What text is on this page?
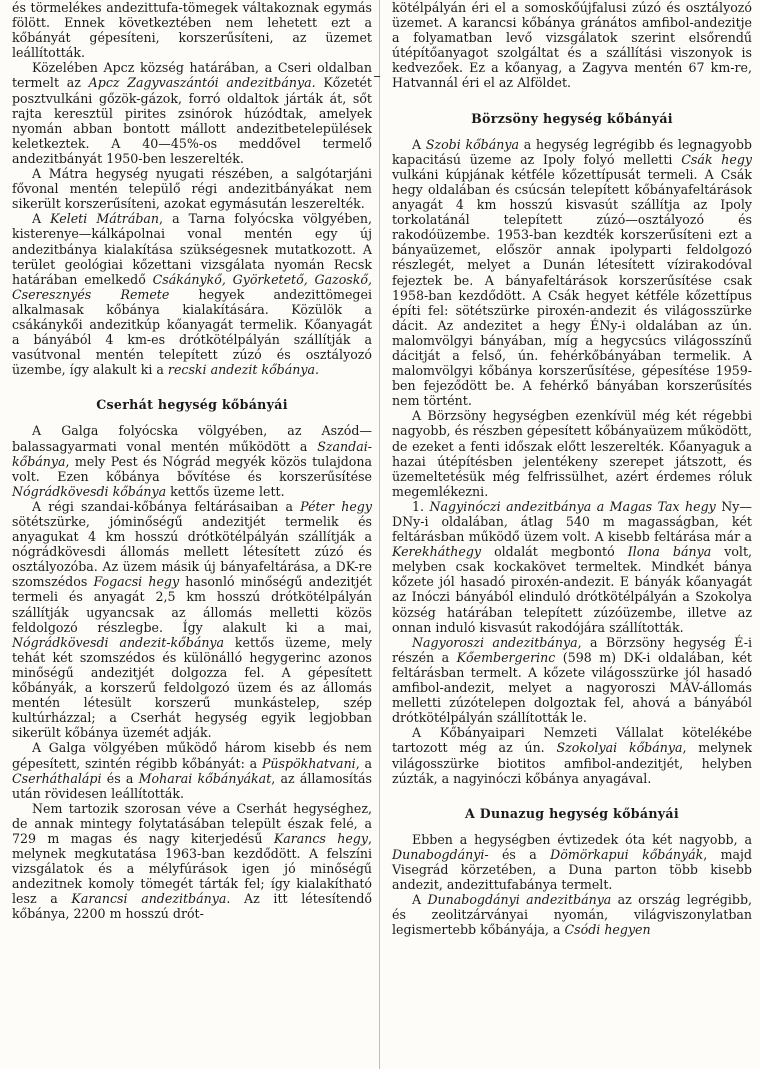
és törmelékes andezittufa-tömegek váltakoznak egymás fölött. Ennek következtében nem lehetett ezt a kőbányát gépesíteni, korszerűsíteni, az üzemet leállították.

Közelében Apcz község határában, a Cseri oldalban termelt az Apcz Zagyvaszántói andezitbánya. Kőzetét posztvulkáni gőzök-gázok, forró oldaltok járták át, sőt rajta keresztül pirites zsinórok húzódtak, amelyek nyomán abban bontott mállott andezitbetelepülések keletkeztek. A 40—45%-os meddővel termelő andezitbányát 1950-ben leszerelték.

A Mátra hegység nyugati részében, a salgótarjáni fővonal mentén települő régi andezitbányákat nem sikerült korszerűsíteni, azokat egymásután leszerelték.

A Keleti Mátrában, a Tarna folyócska völgyében, kisterenye—kálkápolnai vonal mentén egy új andezitbánya kialakítása szükségesnek mutatkozott. A terület geológiai kőzettani vizsgálata nyomán Recsk határában emelkedő Csákánykő, Györketető, Gazoskő, Cseresznyés Remete hegyek andezittömegei alkalmasak kőbánya kialakítására. Közülök a csákánykői andezitkúp kőanyagát termelik. Kőanyagát a bányából 4 km-es drótkötélpályán szállítják a vasútvonal mentén telepített zúzó és osztályozó üzembe, így alakult ki a recski andezit kőbánya.

Cserhát hegység kőbányái

A Galga folyócska völgyében, az Aszód—balassagyarmati vonal mentén működött a Szandai-kőbánya, mely Pest és Nógrád megyék közös tulajdona volt. Ezen kőbánya bővítése és korszerűsítése Nógrádkövesdi kőbánya kettős üzeme lett.

A régi szandai-kőbánya feltárásaiban a Péter hegy sötétszürke, jóminőségű andezitjét termelik és anyagukat 4 km hosszú drótkötélpályán szállítják a nógrádkövesdi állomás mellett létesített zúzó és osztályozóba. Az üzem másik új bányafeltárása, a DK-re szomszédos Fogacsi hegy hasonló minőségű andezitjét termeli és anyagát 2,5 km hosszú drótkötélpályán szállítják ugyancsak az állomás melletti közös feldolgozó részlegbe. Így alakult ki a mai, Nógrádkövesdi andezit-kőbánya kettős üzeme, mely tehát két szomszédos és különálló hegygerinc azonos minőségű andezitjét dolgozza fel. A gépesített kőbányák, a korszerű feldolgozó üzem és az állomás mentén létesült korszerű munkástelep, szép kultúrházzal; a Cserhát hegység egyik legjobban sikerült kőbánya üzemét adják.

A Galga völgyében működő három kisebb és nem gépesített, szintén régibb kőbányát: a Püspökhatvani, a Cserháthalápi és a Moharai kőbányákat, az államosítás után rövidesen leállították.

Nem tartozik szorosan véve a Cserhát hegységhez, de annak mintegy folytatásában települt észak felé, a 729 m magas és nagy kiterjedésű Karancs hegy, melynek megkutatása 1963-ban kezdődött. A felszíni vizsgálatok és a mélyfúrások igen jó minőségű andezitnek komoly tömegét tárták fel; így kialakítható lesz a Karancsi andezitbánya. Az itt létesítendő kőbánya, 2200 m hosszú drót-

kötélpályán éri el a somoskőújfalusi zúzó és osztályozó üzemet. A karancsi kőbánya gránátos amfibol-andezitje a folyamatban levő vizsgálatok szerint elsőrendű útépítőanyagot szolgáltat és a szállítási viszonyok is kedvezőek. Ez a kőanyag, a Zagyva mentén 67 km-re, Hatvannál éri el az Alföldet.

Börzsöny hegység kőbányái

A Szobi kőbánya a hegység legrégibb és legnagyobb kapacitású üzeme az Ipoly folyó melletti Csák hegy vulkáni kúpjának kétféle kőzettípusát termeli. A Csák hegy oldalában és csúcsán telepített kőbányafeltárások anyagát 4 km hosszú kisvasút szállítja az Ipoly torkolatánál telepített zúzó—osztályozó és rakodóüzembe. 1953-ban kezdték korszerűsíteni ezt a bányaüzemet, először annak ipolyparti feldolgozó részlegét, melyet a Dunán létesített vízirakodóval fejeztek be. A bányafeltárások korszerűsítése csak 1958-ban kezdődött. A Csák hegyet kétféle kőzettípus építi fel: sötétszürke piroxén-andezit és világosszürke dácit. Az andezitet a hegy ÉNy-i oldalában az ún. malomvölgyi bányában, míg a hegycsúcs világosszínű dácitját a felső, ún. fehérkőbányában termelik. A malomvölgyi kőbánya korszerűsítése, gépesítése 1959-ben fejeződött be. A fehérkő bányában korszerűsítés nem történt.

A Börzsöny hegységben ezenkívül még két régebbi nagyobb, és részben gépesített kőbányaüzem működött, de ezeket a fenti időszak előtt leszerelték. Kőanyaguk a hazai útépítésben jelentékeny szerepet játszott, és üzemeltetésük még felfrissülhet, azért érdemes róluk megemlékezni.

1. Nagyinóczi andezitbánya a Magas Tax hegy Ny—DNy-i oldalában, átlag 540 m magasságban, két feltárásban működő üzem volt. A kisebb feltárása már a Kerekháthegy oldalát megbontó Ilona bánya volt, melyben csak kockakövet termeltek. Mindkét bánya kőzete jól hasadó piroxén-andezit. E bányák kőanyagát az Inóczi bányából elinduló drótkötélpályán a Szokolya község határában telepített zúzóüzembe, illetve az onnan induló kisvasút rakodójára szállították.

Nagyoroszi andezitbánya, a Börzsöny hegység É-i részén a Kőembergerinc (598 m) DK-i oldalában, két feltárásban termelt. A kőzete világosszürke jól hasadó amfibol-andezit, melyet a nagyoroszi MÁV-állomás melletti zúzótelepen dolgoztak fel, ahová a bányából drótkötélpályán szállították le.

A Kőbányaipari Nemzeti Vállalat kötelékébe tartozott még az ún. Szokolyai kőbánya, melynek világosszürke biotitos amfibol-andezitjét, helyben zúzták, a nagyinóczi kőbánya anyagával.

A Dunazug hegység kőbányái

Ebben a hegységben évtizedek óta két nagyobb, a Dunabogdányi- és a Dömörkapui kőbányák, majd Visegrád körzetében, a Duna parton több kisebb andezit, andezittufabánya termelt.

A Dunabogdányi andezitbánya az ország legrégibb, és zeolitzárványai nyomán, világviszonylatban legismertebb kőbányája, a Csódi hegyen
